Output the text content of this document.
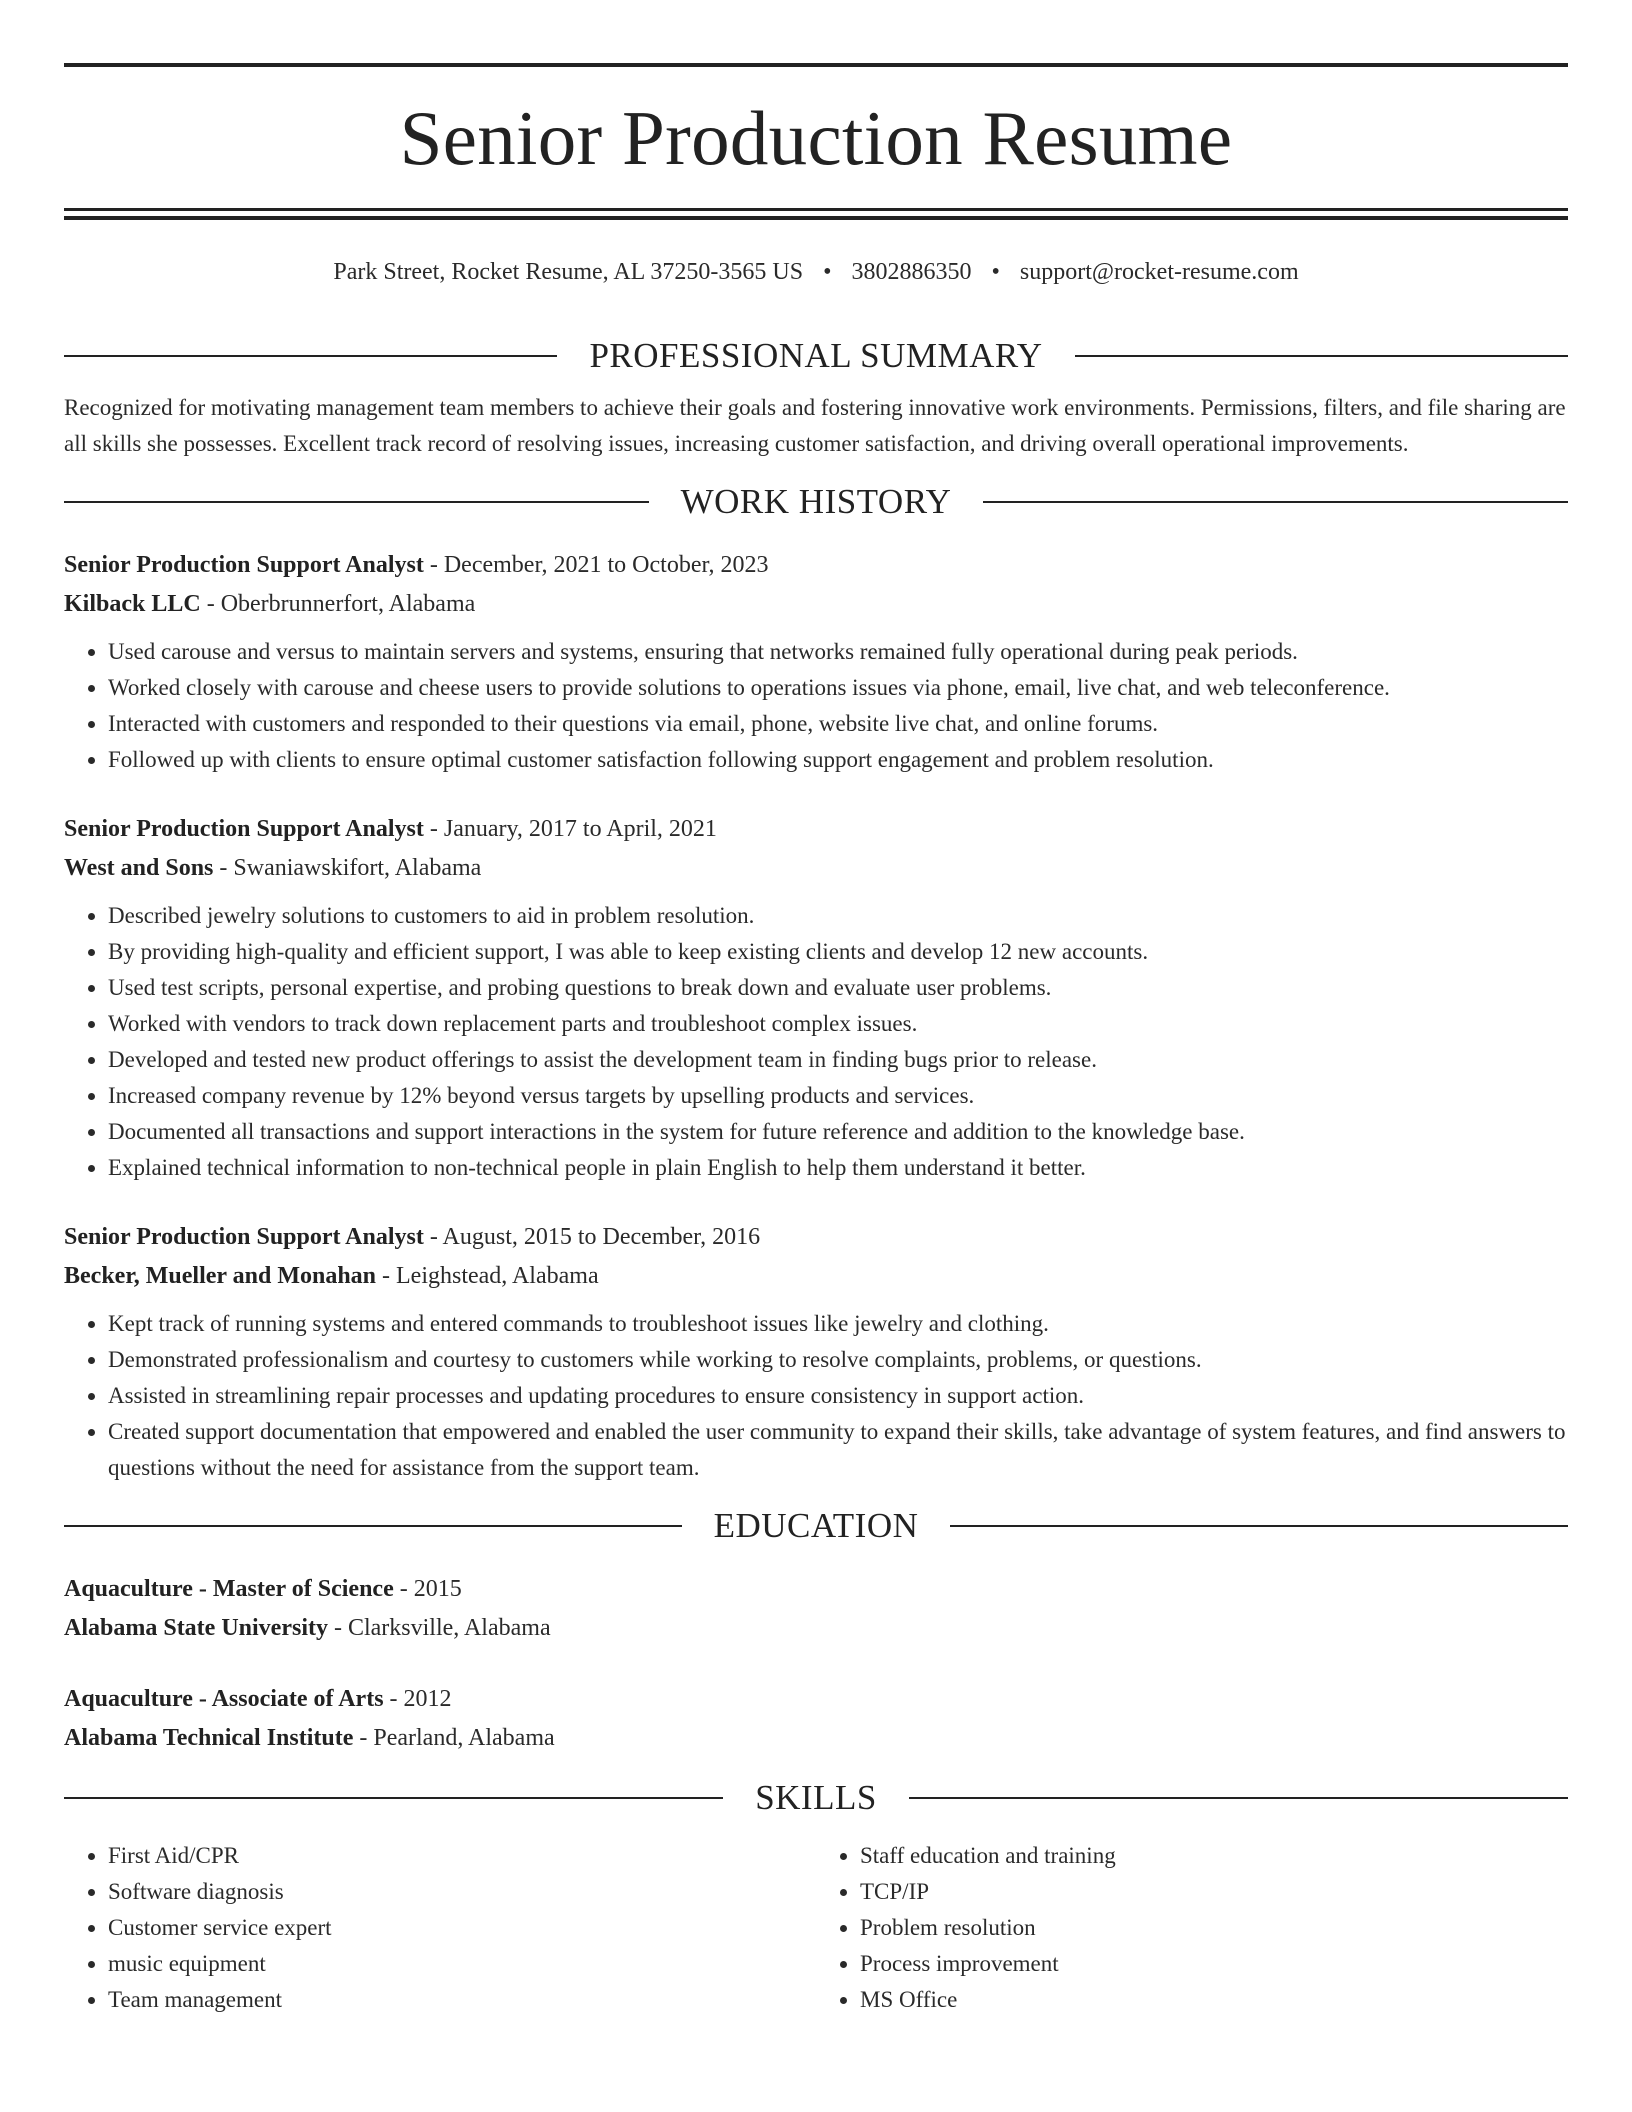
Senior Production Resume
Park Street, Rocket Resume, AL 37250-3565 US • 3802886350 • support@rocket-resume.com
PROFESSIONAL SUMMARY

Recognized for motivating management team members to achieve their goals and fostering innovative work environments. Permissions, filters, and file sharing are all skills she possesses. Excellent track record of resolving issues, increasing customer satisfaction, and driving overall operational improvements.

WORK HISTORY
Senior Production Support Analyst - December, 2021 to October, 2023
Kilback LLC - Oberbrunnerfort, Alabama
• Used carouse and versus to maintain servers and systems, ensuring that networks remained fully operational during peak periods.
• Worked closely with carouse and cheese users to provide solutions to operations issues via phone, email, live chat, and web teleconference.
• Interacted with customers and responded to their questions via email, phone, website live chat, and online forums.
• Followed up with clients to ensure optimal customer satisfaction following support engagement and problem resolution.
Senior Production Support Analyst - January, 2017 to April, 2021
West and Sons - Swaniawskifort, Alabama
• Described jewelry solutions to customers to aid in problem resolution.
• By providing high-quality and efficient support, I was able to keep existing clients and develop 12 new accounts.
• Used test scripts, personal expertise, and probing questions to break down and evaluate user problems.
• Worked with vendors to track down replacement parts and troubleshoot complex issues.
• Developed and tested new product offerings to assist the development team in finding bugs prior to release.
• Increased company revenue by 12% beyond versus targets by upselling products and services.
• Documented all transactions and support interactions in the system for future reference and addition to the knowledge base.
• Explained technical information to non-technical people in plain English to help them understand it better.
Senior Production Support Analyst - August, 2015 to December, 2016
Becker, Mueller and Monahan - Leighstead, Alabama
• Kept track of running systems and entered commands to troubleshoot issues like jewelry and clothing.
• Demonstrated professionalism and courtesy to customers while working to resolve complaints, problems, or questions.
• Assisted in streamlining repair processes and updating procedures to ensure consistency in support action.
• Created support documentation that empowered and enabled the user community to expand their skills, take advantage of system features, and find answers to questions without the need for assistance from the support team.
EDUCATION
Aquaculture - Master of Science - 2015
Alabama State University - Clarksville, Alabama
Aquaculture - Associate of Arts - 2012
Alabama Technical Institute - Pearland, Alabama
SKILLS
• First Aid/CPR
• Software diagnosis
• Customer service expert
• music equipment
• Team management
• Staff education and training
• TCP/IP
• Problem resolution
• Process improvement
• MS Office
